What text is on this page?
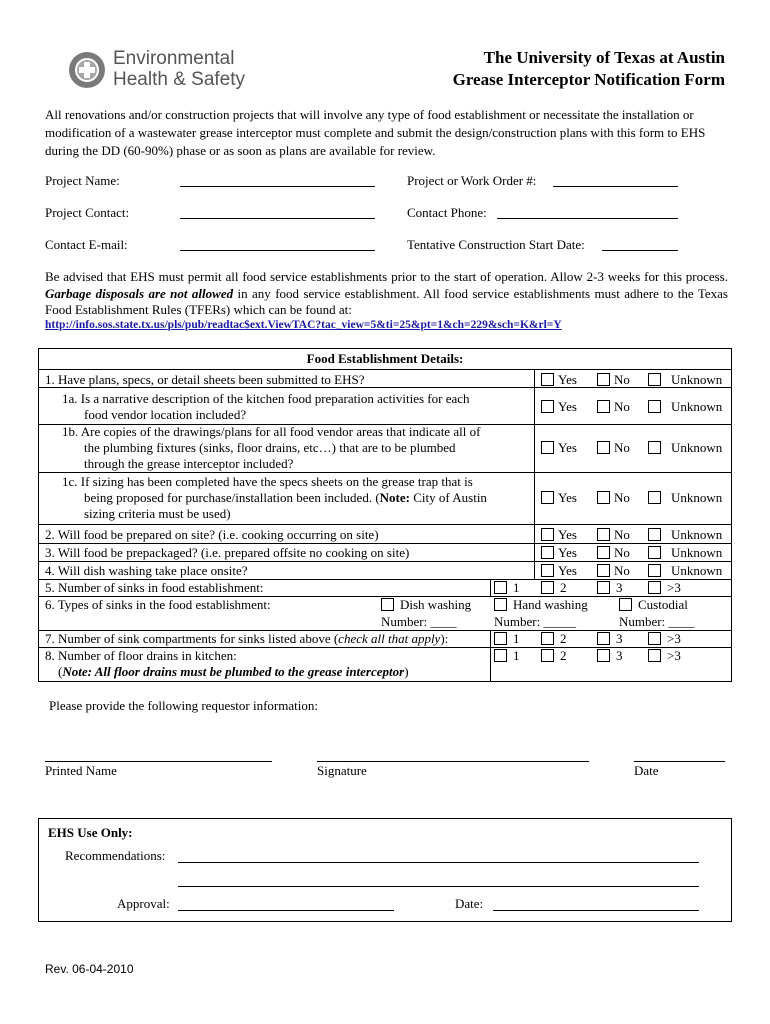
Environmental
Health & Safety
The University of Texas at Austin
Grease Interceptor Notification Form
All renovations and/or construction projects that will involve any type of food establishment or necessitate the installation or modification of a wastewater grease interceptor must complete and submit the design/construction plans with this form to EHS during the DD (60-90%) phase or as soon as plans are available for review.
Project Name:	Project or Work Order #:
Project Contact:	Contact Phone:
Contact E-mail:	Tentative Construction Start Date:
Be advised that EHS must permit all food service establishments prior to the start of operation. Allow 2-3 weeks for this process. Garbage disposals are not allowed in any food service establishment. All food service establishments must adhere to the Texas Food Establishment Rules (TFERs) which can be found at:
http://info.sos.state.tx.us/pls/pub/readtac$ext.ViewTAC?tac_view=5&ti=25&pt=1&ch=229&sch=K&rl=Y
Food Establishment Details:
1. Have plans, specs, or detail sheets been submitted to EHS?	Yes	No	Unknown
1a. Is a narrative description of the kitchen food preparation activities for each
food vendor location included?
Yes	No	Unknown
1b. Are copies of the drawings/plans for all food vendor areas that indicate all of
the plumbing fixtures (sinks, floor drains, etc…) that are to be plumbed
through the grease interceptor included?
Yes	No	Unknown
1c. If sizing has been completed have the specs sheets on the grease trap that is
being proposed for purchase/installation been included. (Note: City of Austin
sizing criteria must be used)
Yes	No	Unknown
2. Will food be prepared on site? (i.e. cooking occurring on site)	Yes	No	Unknown
3. Will food be prepackaged? (i.e. prepared offsite no cooking on site)	Yes	No	Unknown
4. Will dish washing take place onsite?	Yes	No	Unknown
5. Number of sinks in food establishment:	1	2	3	>3
6. Types of sinks in the food establishment:	Dish washing	Hand washing	Custodial
Number: ____	Number: _____	Number: ____
7. Number of sink compartments for sinks listed above (check all that apply):	1	2	3	>3
8. Number of floor drains in kitchen:
(Note: All floor drains must be plumbed to the grease interceptor)
1	2	3	>3
Please provide the following requestor information:
Printed Name	Signature	Date
EHS Use Only:
Recommendations:
Approval:	Date:
Rev. 06-04-2010
